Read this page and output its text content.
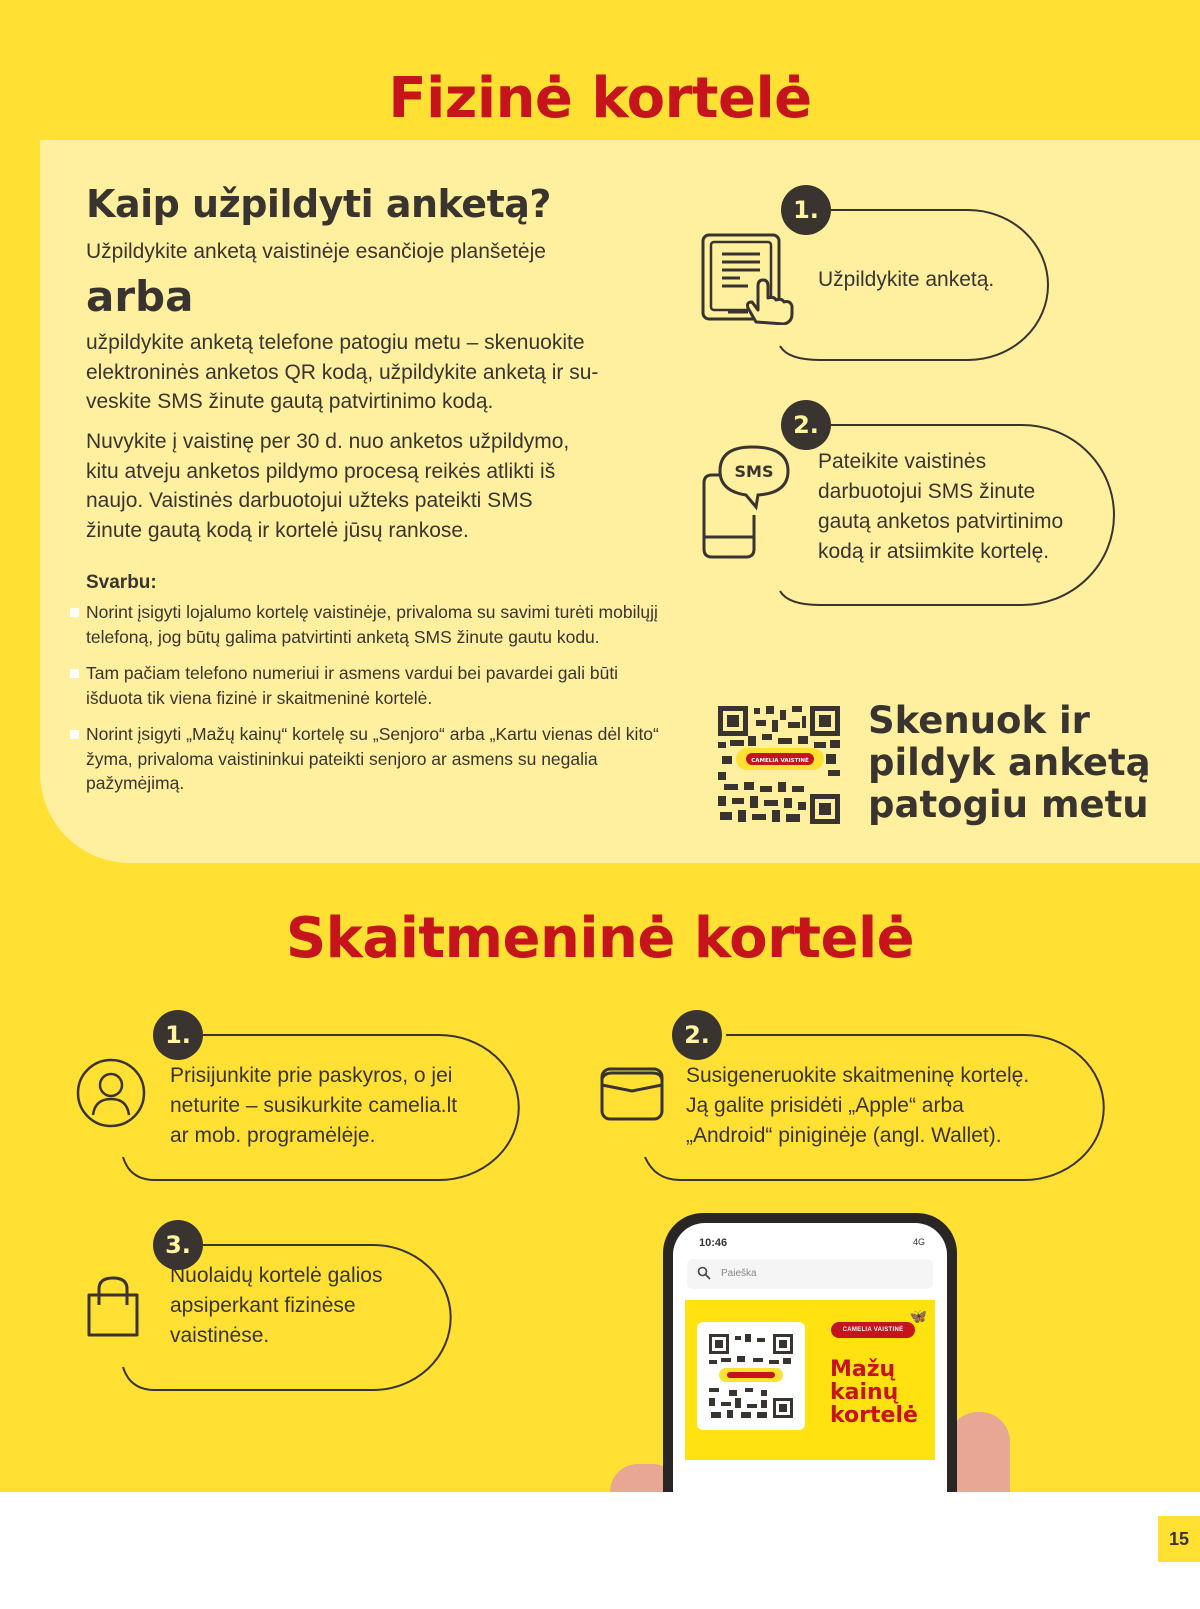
Fizinė kortelė
Kaip užpildyti anketą?
Užpildykite anketą vaistinėje esančioje planšetėje
arba
užpildykite anketą telefone patogiu metu – skenuokite
elektroninės anketos QR kodą, užpildykite anketą ir su-
veskite SMS žinute gautą patvirtinimo kodą.
Nuvykite į vaistinę per 30 d. nuo anketos užpildymo,
kitu atveju anketos pildymo procesą reikės atlikti iš
naujo. Vaistinės darbuotojui užteks pateikti SMS
žinute gautą kodą ir kortelė jūsų rankose.
Svarbu:
Norint įsigyti lojalumo kortelę vaistinėje, privaloma su savimi turėti mobilųjį telefoną, jog būtų galima patvirtinti anketą SMS žinute gautu kodu.
Tam pačiam telefono numeriui ir asmens vardui bei pavardei gali būti išduota tik viena fizinė ir skaitmeninė kortelė.
Norint įsigyti „Mažų kainų“ kortelę su „Senjoro“ arba „Kartu vienas dėl kito“ žyma, privaloma vaistininkui pateikti senjoro ar asmens su negalia pažymėjimą.
1.
Užpildykite anketą.
2.
SMS Pateikite vaistinės
darbuotojui SMS žinute
gautą anketos patvirtinimo
kodą ir atsiimkite kortelę.
CAMELIA VAISTINĖ
Skenuok ir
pildyk anketą
patogiu metu
Skaitmeninė kortelė
1.
Prisijunkite prie paskyros, o jei
neturite – susikurkite camelia.lt
ar mob. programėlėje.
2.
Susigeneruokite skaitmeninę kortelę.
Ją galite prisidėti „Apple“ arba
„Android“ piniginėje (angl. Wallet).
3.
Nuolaidų kortelė galios
apsiperkant fizinėse
vaistinėse.
10:46	4G
Paieška
CAMELIA VAISTINĖ
🦋
Mažų
kainų
kortelė
15
